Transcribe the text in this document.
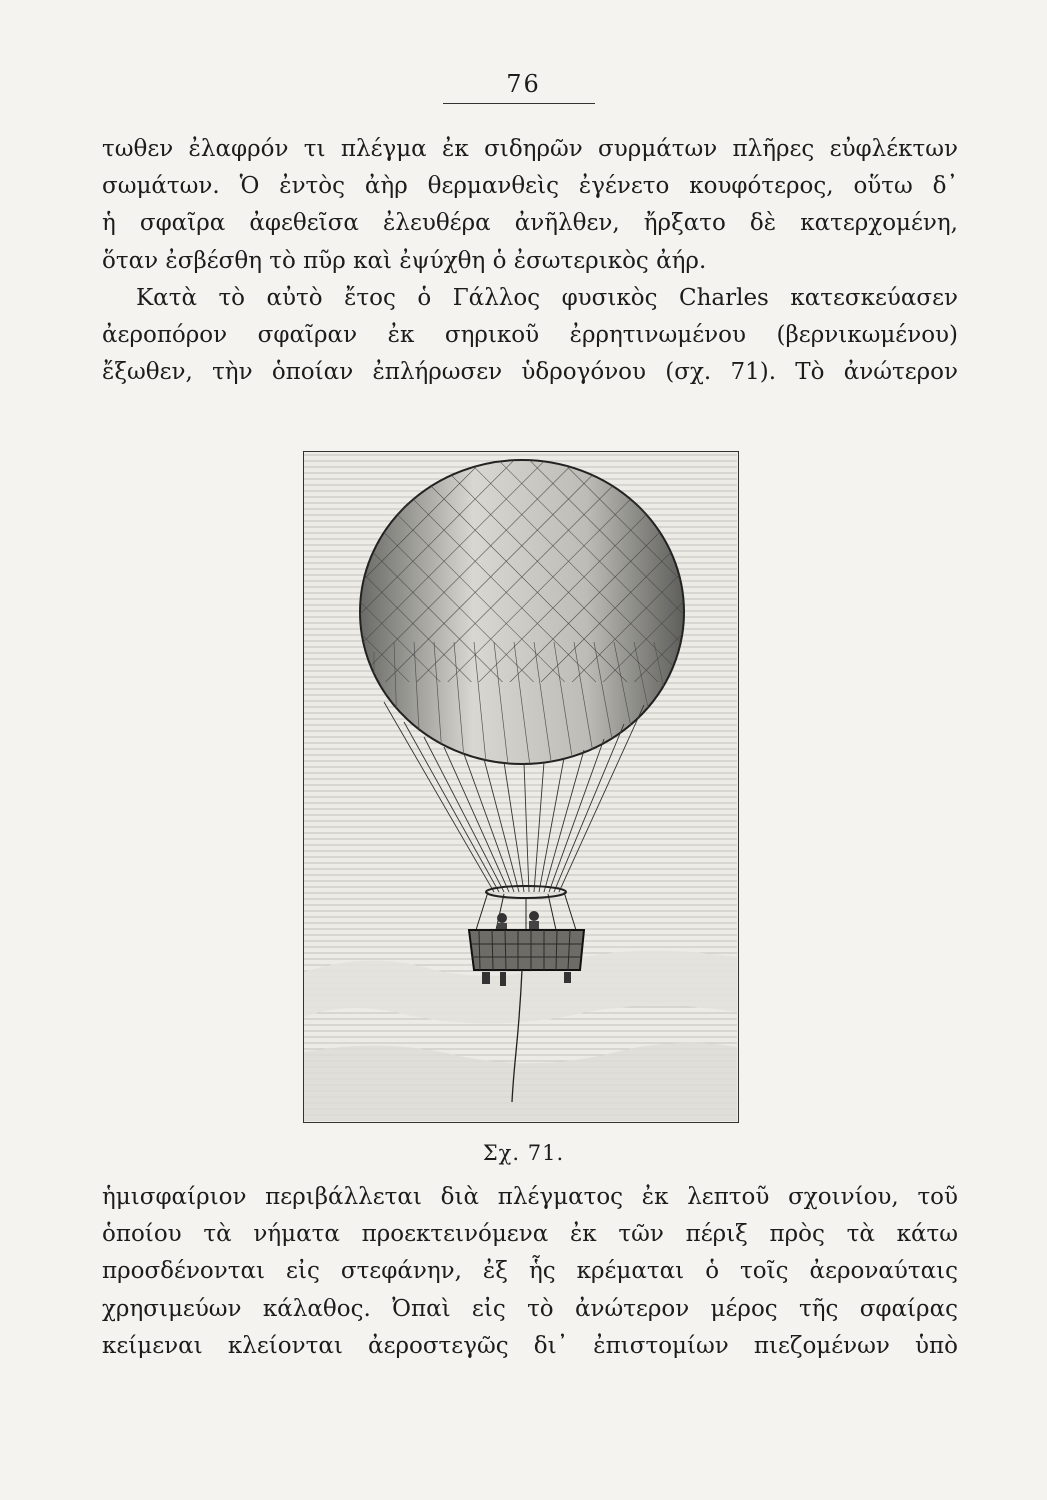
76
τωθεν ἐλαφρόν τι πλέγμα ἐκ σιδηρῶν συρμάτων πλῆρες εὐφλέκτων
σωμάτων. Ὁ ἐντὸς ἀὴρ θερμανθεὶς ἐγένετο κουφότερος, οὕτω δ᾽
ἡ σφαῖρα ἀφεθεῖσα ἐλευθέρα ἀνῆλθεν, ἤρξατο δὲ κατερχομένη,
ὅταν ἐσβέσθη τὸ πῦρ καὶ ἐψύχθη ὁ ἐσωτερικὸς ἀήρ.
Κατὰ τὸ αὐτὸ ἔτος ὁ Γάλλος φυσικὸς Charles κατεσκεύασεν
ἀεροπόρον σφαῖραν ἐκ σηρικοῦ ἐρρητινωμένου (βερνικωμένου)
ἔξωθεν, τὴν ὁποίαν ἐπλήρωσεν ὑδρογόνου (σχ. 71). Τὸ ἀνώτερον
Σχ. 71.
ἡμισφαίριον περιβάλλεται διὰ πλέγματος ἐκ λεπτοῦ σχοινίου, τοῦ
ὁποίου τὰ νήματα προεκτεινόμενα ἐκ τῶν πέριξ πρὸς τὰ κάτω
προσδένονται εἰς στεφάνην, ἐξ ἧς κρέμαται ὁ τοῖς ἀεροναύταις
χρησιμεύων κάλαθος. Ὀπαὶ εἰς τὸ ἀνώτερον μέρος τῆς σφαίρας
κείμεναι κλείονται ἀεροστεγῶς δι᾽ ἐπιστομίων πιεζομένων ὑπὸ
